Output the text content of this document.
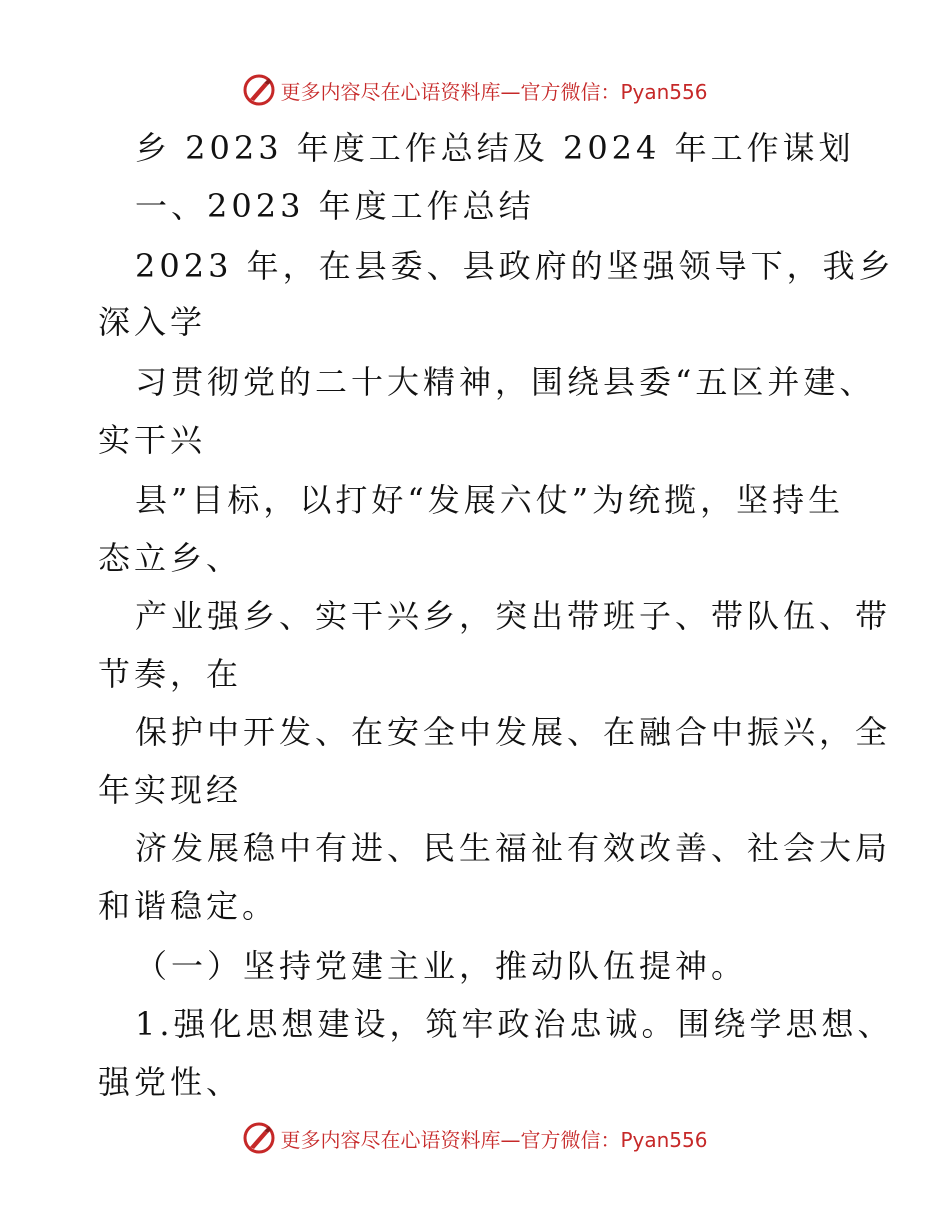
更多内容尽在心语资料库—官方微信：Pyan556
乡 2023 年度工作总结及 2024 年工作谋划
一、2023 年度工作总结
2023 年，在县委、县政府的坚强领导下，我乡
深入学
习贯彻党的二十大精神，围绕县委“五区并建、
实干兴
县”目标，以打好“发展六仗”为统揽，坚持生
态立乡、
产业强乡、实干兴乡，突出带班子、带队伍、带
节奏，在
保护中开发、在安全中发展、在融合中振兴，全
年实现经
济发展稳中有进、民生福祉有效改善、社会大局
和谐稳定。
（一）坚持党建主业，推动队伍提神。
1.强化思想建设，筑牢政治忠诚。围绕学思想、
强党性、
更多内容尽在心语资料库—官方微信：Pyan556
